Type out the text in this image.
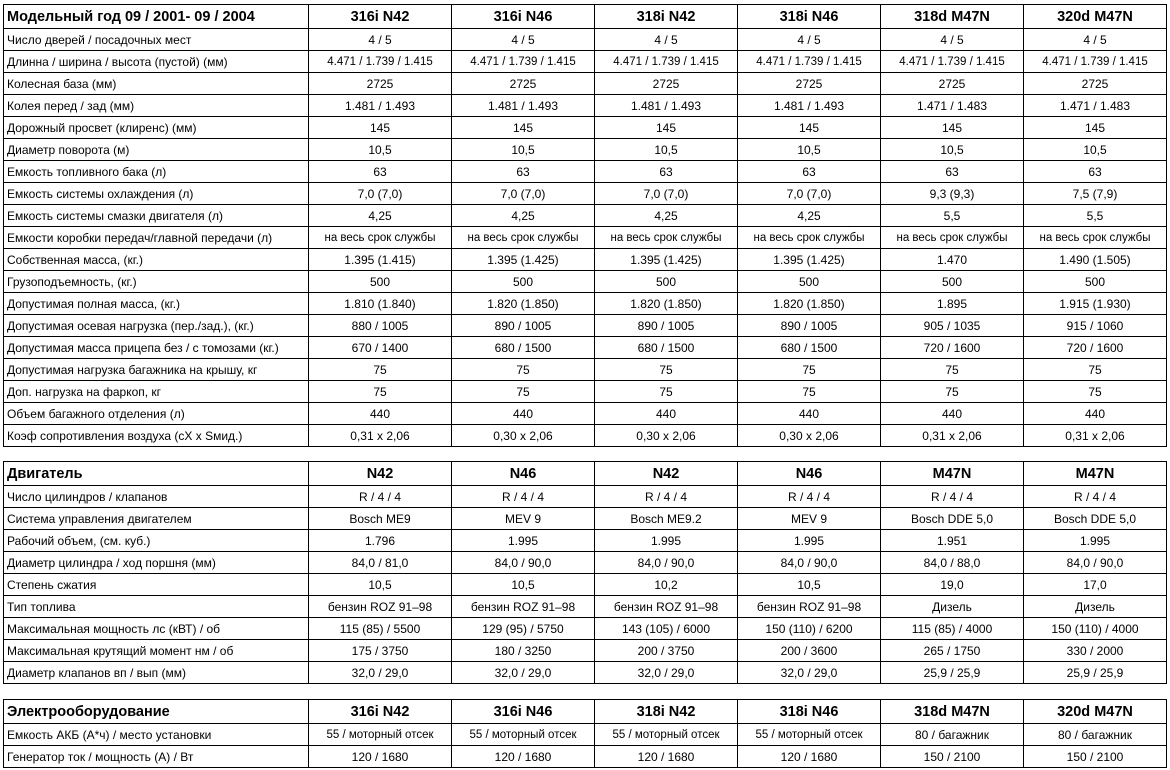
Модельный год 09 / 2001- 09 / 2004	316i N42	316i N46	318i N42	318i N46	318d M47N	320d M47N
Число дверей / посадочных мест	4 / 5	4 / 5	4 / 5	4 / 5	4 / 5	4 / 5
Длинна / ширина / высота (пустой) (мм)	4.471 / 1.739 / 1.415	4.471 / 1.739 / 1.415	4.471 / 1.739 / 1.415	4.471 / 1.739 / 1.415	4.471 / 1.739 / 1.415	4.471 / 1.739 / 1.415
Колесная база (мм)	2725	2725	2725	2725	2725	2725
Колея перед / зад (мм)	1.481 / 1.493	1.481 / 1.493	1.481 / 1.493	1.481 / 1.493	1.471 / 1.483	1.471 / 1.483
Дорожный просвет (клиренс) (мм)	145	145	145	145	145	145
Диаметр поворота (м)	10,5	10,5	10,5	10,5	10,5	10,5
Емкость топливного бака (л)	63	63	63	63	63	63
Емкость системы охлаждения (л)	7,0 (7,0)	7,0 (7,0)	7,0 (7,0)	7,0 (7,0)	9,3 (9,3)	7,5 (7,9)
Емкость системы смазки двигателя (л)	4,25	4,25	4,25	4,25	5,5	5,5
Емкости коробки передач/главной передачи (л)	на весь срок службы	на весь срок службы	на весь срок службы	на весь срок службы	на весь срок службы	на весь срок службы
Собственная масса, (кг.)	1.395 (1.415)	1.395 (1.425)	1.395 (1.425)	1.395 (1.425)	1.470	1.490 (1.505)
Грузоподъемность, (кг.)	500	500	500	500	500	500
Допустимая полная масса, (кг.)	1.810 (1.840)	1.820 (1.850)	1.820 (1.850)	1.820 (1.850)	1.895	1.915 (1.930)
Допустимая осевая нагрузка (пер./зад.), (кг.)	880 / 1005	890 / 1005	890 / 1005	890 / 1005	905 / 1035	915 / 1060
Допустимая масса прицепа без / с томозами (кг.)	670 / 1400	680 / 1500	680 / 1500	680 / 1500	720 / 1600	720 / 1600
Допустимая нагрузка багажника на крышу, кг	75	75	75	75	75	75
Доп. нагрузка на фаркоп, кг	75	75	75	75	75	75
Объем багажного отделения (л)	440	440	440	440	440	440
Коэф сопротивления воздуха (cX x Sмид.)	0,31 x 2,06	0,30 x 2,06	0,30 x 2,06	0,30 x 2,06	0,31 x 2,06	0,31 x 2,06
Двигатель	N42	N46	N42	N46	M47N	M47N
Число цилиндров / клапанов	R / 4 / 4	R / 4 / 4	R / 4 / 4	R / 4 / 4	R / 4 / 4	R / 4 / 4
Система управления двигателем	Bosch ME9	MEV 9	Bosch ME9.2	MEV 9	Bosch DDE 5,0	Bosch DDE 5,0
Рабочий объем, (см. куб.)	1.796	1.995	1.995	1.995	1.951	1.995
Диаметр цилиндра / ход поршня (мм)	84,0 / 81,0	84,0 / 90,0	84,0 / 90,0	84,0 / 90,0	84,0 / 88,0	84,0 / 90,0
Степень сжатия	10,5	10,5	10,2	10,5	19,0	17,0
Тип топлива	бензин ROZ 91–98	бензин ROZ 91–98	бензин ROZ 91–98	бензин ROZ 91–98	Дизель	Дизель
Максимальная мощность лс (кВТ) / об	115 (85) / 5500	129 (95) / 5750	143 (105) / 6000	150 (110) / 6200	115 (85) / 4000	150 (110) / 4000
Максимальная крутящий момент нм / об	175 / 3750	180 / 3250	200 / 3750	200 / 3600	265 / 1750	330 / 2000
Диаметр клапанов вп / вып (мм)	32,0 / 29,0	32,0 / 29,0	32,0 / 29,0	32,0 / 29,0	25,9 / 25,9	25,9 / 25,9
Электрооборудование	316i N42	316i N46	318i N42	318i N46	318d M47N	320d M47N
Емкость АКБ (А*ч) / место установки	55 / моторный отсек	55 / моторный отсек	55 / моторный отсек	55 / моторный отсек	80 / багажник	80 / багажник
Генератор ток / мощность (А) / Вт	120 / 1680	120 / 1680	120 / 1680	120 / 1680	150 / 2100	150 / 2100
